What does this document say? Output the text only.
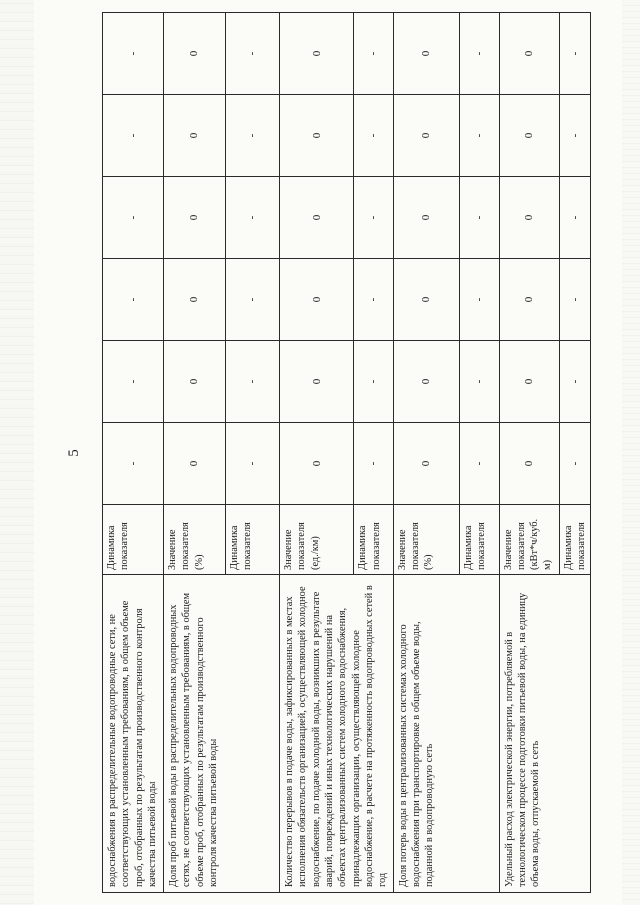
5
водоснабжения в распределительные водопроводные сети, не соответствующих установленным требованиям, в общем объеме проб, отобранных по результатам производственного контроля качества питьевой воды	Динамика показателя	-	-	-	-	-	-
Доля проб питьевой воды в распределительных водопроводных сетях, не соответствующих установленным требованиям, в общем объеме проб, отобранных по результатам производственного контроля качества питьевой воды	Значение показателя (%)	0	0	0	0	0	0
	Динамика показателя	-	-	-	-	-	-
Количество перерывов в подаче воды, зафиксированных в местах исполнения обязательств организацией, осуществляющей холодное водоснабжение, по подаче холодной воды, возникших в результате аварий, повреждений и иных технологических нарушений на объектах централизованных систем холодного водоснабжения, принадлежащих организации, осуществляющей холодное водоснабжение, в расчете на протяженность водопроводных сетей в год	Значение показателя (ед./км)	0	0	0	0	0	0
	Динамика показателя	-	-	-	-	-	-
Доля потерь воды в централизованных системах холодного водоснабжения при транспортировке в общем объеме воды, поданной в водопроводную сеть	Значение показателя (%)	0	0	0	0	0	0
	Динамика показателя	-	-	-	-	-	-
Удельный расход электрической энергии, потребляемой в технологическом процессе подготовки питьевой воды, на единицу объема воды, отпускаемой в сеть	Значение показателя (кВт*ч/куб. м)	0	0	0	0	0	0
	Динамика показателя	-	-	-	-	-	-
